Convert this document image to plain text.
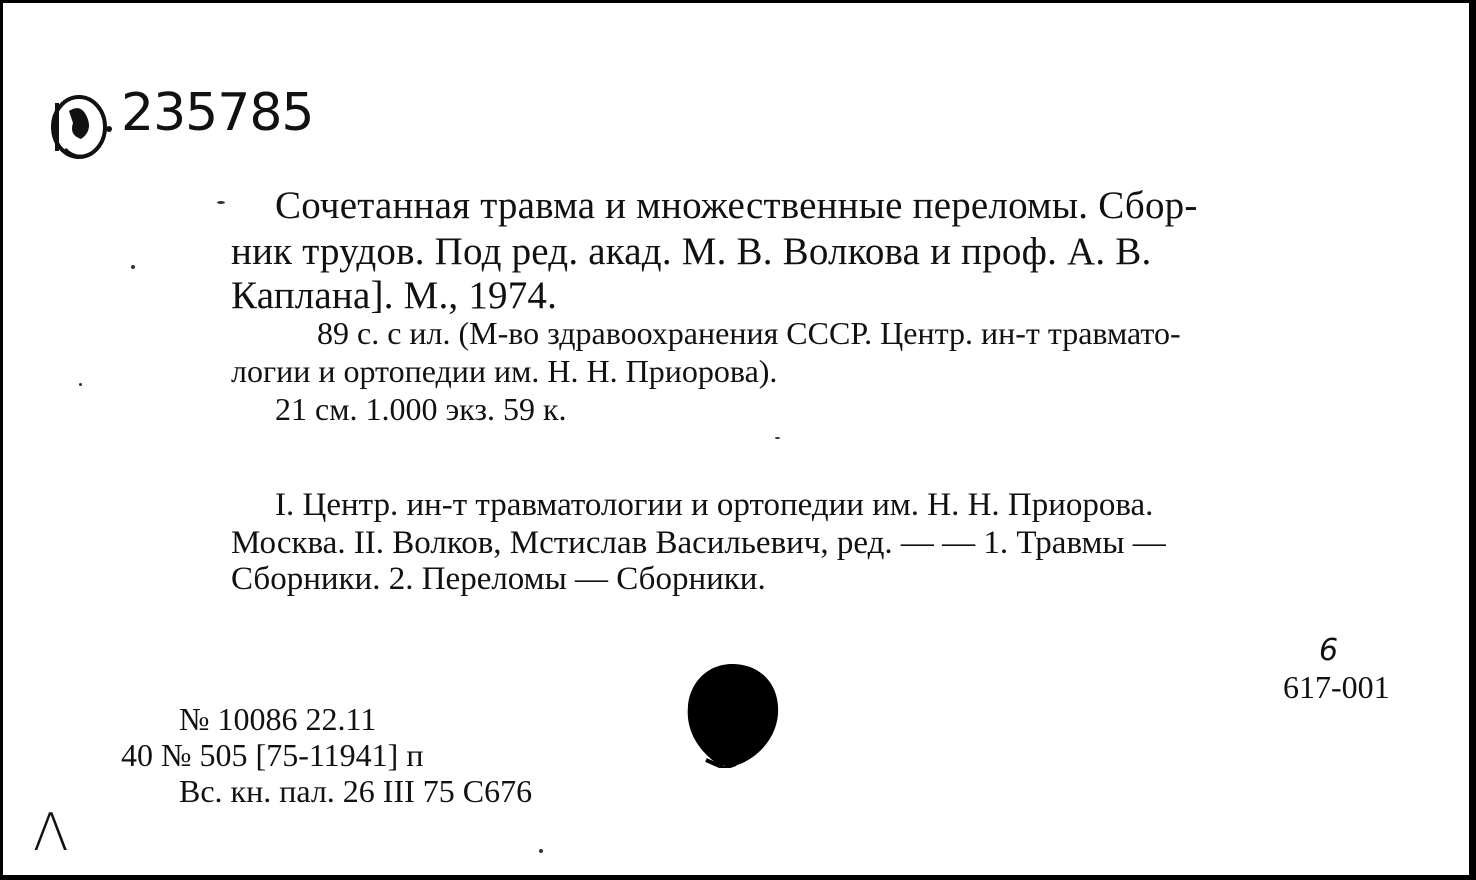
235785
Сочетанная травма и множественные переломы. Сбор-
ник трудов. Под ред. акад. М. В. Волкова и проф. А. В.
Каплана]. М., 1974.
89 с. с ил. (М-во здравоохранения СССР. Центр. ин-т травмато-
логии и ортопедии им. Н. Н. Приорова).
21 см. 1.000 экз. 59 к.
I. Центр. ин-т травматологии и ортопедии им. Н. Н. Приорова.
Москва. II. Волков, Мстислав Васильевич, ред. — — 1. Травмы —
Сборники. 2. Переломы — Сборники.
6
617-001
№ 10086 22.11
40 № 505 [75-11941] п
Вс. кн. пал. 26 III 75 С676
Λ
